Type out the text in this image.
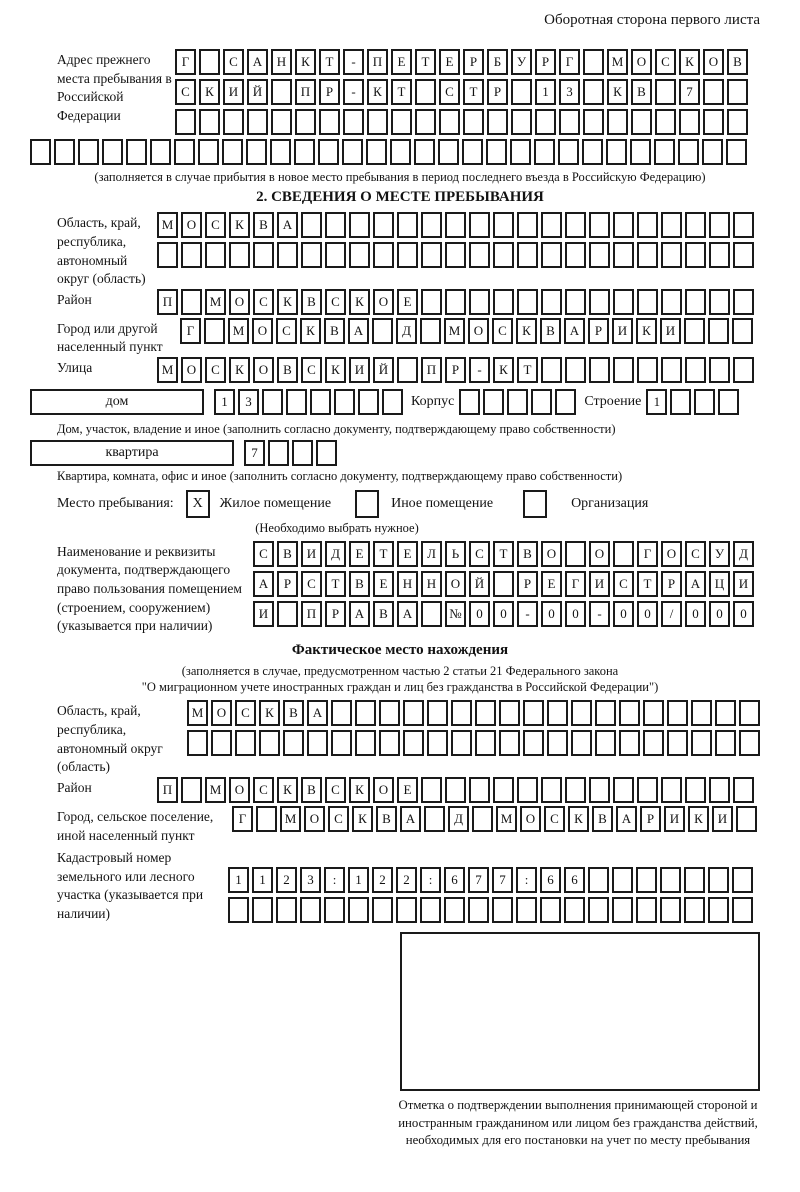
Оборотная сторона первого листа
Адрес прежнего места пребывания в Российской Федерации
Г	С А Н К Т - П Е Т Е Р Б У Р Г	М О С К О В
С К И Й	П Р - К Т	С Т Р	1 3	К В	7
(заполняется в случае прибытия в новое место пребывания в период последнего въезда в Российскую Федерацию)
2. СВЕДЕНИЯ О МЕСТЕ ПРЕБЫВАНИЯ
Область, край, республика, автономный округ (область)
М О С К В А
Район	П	М О С К В С К О Е
Город или другой населенный пункт
Г	М О С К В А	Д	М О С К В А Р И К И
Улица	М О С К О В С К И Й	П Р - К Т
дом	1 3	Корпус	Строение 1
Дом, участок, владение и иное (заполнить согласно документу, подтверждающему право собственности)
квартира	7
Квартира, комната, офис и иное (заполнить согласно документу, подтверждающему право собственности)
Место пребывания:	X	Жилое помещение	Иное помещение	Организация
(Необходимо выбрать нужное)
Наименование и реквизиты документа, подтверждающего право пользования помещением (строением, сооружением) (указывается при наличии)
С В И Д Е Т Е Л Ь С Т В О	О	Г О С У Д
А Р С Т В Е Н Н О Й	Р Е Г И С Т Р А Ц И
И	П Р А В А	№ 0 0 - 0 0 - 0 0 / 0 0 0
Фактическое место нахождения
(заполняется в случае, предусмотренном частью 2 статьи 21 Федерального закона
"О миграционном учете иностранных граждан и лиц без гражданства в Российской Федерации")
Область, край, республика, автономный округ (область)
М О С К В А
Район	П	М О С К В С К О Е
Город, сельское поселение, иной населенный пункт
Г	М О С К В А	Д	М О С К В А Р И К И
Кадастровый номер земельного или лесного участка (указывается при наличии)
1 1 2 3 : 1 2 2 : 6 7 7 : 6 6
Отметка о подтверждении выполнения принимающей стороной и иностранным гражданином или лицом без гражданства действий, необходимых для его постановки на учет по месту пребывания
